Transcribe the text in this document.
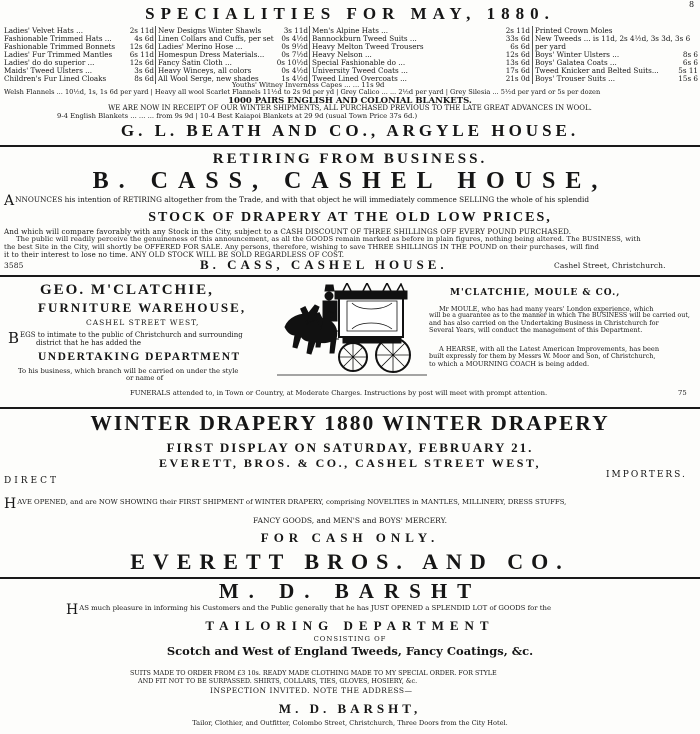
SPECIALITIES FOR MAY, 1880.	8
Ladies' Velvet Hats ...	2s 11d
Fashionable Trimmed Hats ...	4s 6d
Fashionable Trimmed Bonnets 12s 6d
Ladies' Fur Trimmed Mantles 6s 11d
Ladies' do do superior ...	12s 6d
Maids' Tweed Ulsters ...	3s 6d
Children's Fur Lined Cloaks	8s 6d
New Designs Winter Shawls	3s 11d
Linen Collars and Cuffs, per set 0s 4½d
Ladies' Merino Hose ...	0s 9½d
Homespun Dress Materials... 0s 7½d
Fancy Satin Cloth ...	0s 10½d
Heavy Winceys, all colors	0s 4½d
All Wool Serge, new shades	1s 4½d
Men's Alpine Hats ...	2s 11d
Bannockburn Tweed Suits ...	33s 6d
Heavy Melton Tweed Trousers	6s 6d
Heavy Nelson ...	12s 6d
Special Fashionable do ...	13s 6d
University Tweed Coats ...	17s 6d
Tweed Lined Overcoats ...	21s 0d
Printed Crown Moles
New Tweeds ... is 11d, 2s 4½d, 3s 3d, 3s 6
per yard
Boys' Winter Ulsters ...	8s 6
Boys' Galatea Coats ...	6s 6
Tweed Knicker and Belted Suits...	5s 11
Boys' Trouser Suits ...	15s 6
Youths' Witney Inverness Capes ... ... 11s 9d
Welsh Flannels ... 10½d, 1s, 1s 6d per yard | Heavy all wool Scarlet Flannels 11½d to 2s 9d per yd | Grey Calico ... ... 2½d per yard | Grey Silesia ... 5½d per yard or 5s per dozen
1000 PAIRS ENGLISH AND COLONIAL BLANKETS.
WE ARE NOW IN RECEIPT OF OUR WINTER SHIPMENTS, ALL PURCHASED PREVIOUS TO THE LATE GREAT ADVANCES IN WOOL.
9-4 English Blankets ... ... ... from 9s 9d | 10-4 Best Kaiapoi Blankets at 29 9d (usual Town Price 37s 6d.)
G. L. BEATH AND CO., ARGYLE HOUSE.
RETIRING FROM BUSINESS.
B. CASS, CASHEL HOUSE,
ANNOUNCES his intention of RETIRING altogether from the Trade, and with that object he will immediately commence SELLING the whole of his splendid
STOCK OF DRAPERY AT THE OLD LOW PRICES,
And which will compare favorably with any Stock in the City, subject to a CASH DISCOUNT OF THREE SHILLINGS OFF EVERY POUND PURCHASED.
The public will readily perceive the genuineness of this announcement, as all the GOODS remain marked as before in plain figures, nothing being altered. The BUSINESS, with
the best Site in the City, will shortly be OFFERED FOR SALE. Any persons, therefore, wishing to save THREE SHILLINGS IN THE POUND on their purchases, will find
it to their interest to lose no time. ANY OLD STOCK WILL BE SOLD REGARDLESS OF COST.
3585	B. CASS, CASHEL HOUSE.	Cashel Street, Christchurch.
GEO. M'CLATCHIE,
FURNITURE WAREHOUSE,
CASHEL STREET WEST,
BEGS to intimate to the public of Christchurch and surrounding
district that he has added the
UNDERTAKING DEPARTMENT
To his business, which branch will be carried on under the style
or name of
M'CLATCHIE, MOULE & CO.,
Mr MOULE, who has had many years' London experience, which
will be a guarantee as to the manner in which The BUSINESS will be carried out,
and has also carried on the Undertaking Business in Christchurch for
Several Years, will conduct the management of this Department.
A HEARSE, with all the Latest American Improvements, has been
built expressly for them by Messrs W. Moor and Son, of Christchurch,
to which a MOURNING COACH is being added.
FUNERALS attended to, in Town or Country, at Moderate Charges. Instructions by post will meet with prompt attention.	75
WINTER DRAPERY 1880 WINTER DRAPERY
FIRST DISPLAY ON SATURDAY, FEBRUARY 21.
EVERETT, BROS. & CO., CASHEL STREET WEST,
DIRECT
IMPORTERS.
HAVE OPENED, and are NOW SHOWING their FIRST SHIPMENT of WINTER DRAPERY, comprising NOVELTIES in MANTLES, MILLINERY, DRESS STUFFS,
FANCY GOODS, and MEN'S and BOYS' MERCERY.
FOR CASH ONLY.
EVERETT BROS. AND CO.
M. D. BARSHT
HAS much pleasure in informing his Customers and the Public generally that he has JUST OPENED a SPLENDID LOT of GOODS for the
TAILORING DEPARTMENT
CONSISTING OF
Scotch and West of England Tweeds, Fancy Coatings, &c.
SUITS MADE TO ORDER FROM £3 10s. READY MADE CLOTHING MADE TO MY SPECIAL ORDER. FOR STYLE
AND FIT NOT TO BE SURPASSED. SHIRTS, COLLARS, TIES, GLOVES, HOSIERY, &c.
INSPECTION INVITED. NOTE THE ADDRESS—
M. D. BARSHT,
Tailor, Clothier, and Outfitter, Colombo Street, Christchurch, Three Doors from the City Hotel.
